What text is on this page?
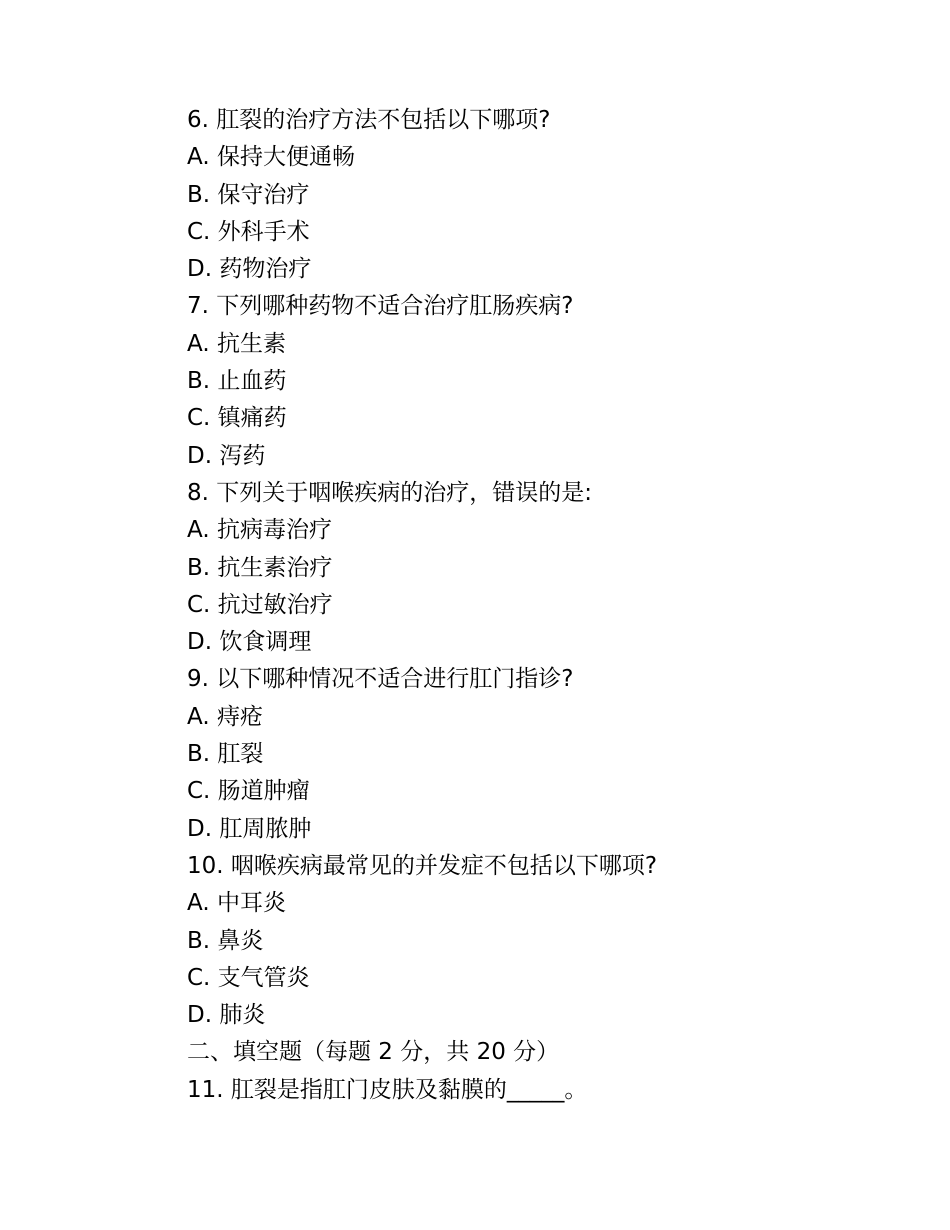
6. 肛裂的治疗方法不包括以下哪项?
A. 保持大便通畅
B. 保守治疗
C. 外科手术
D. 药物治疗
7. 下列哪种药物不适合治疗肛肠疾病?
A. 抗生素
B. 止血药
C. 镇痛药
D. 泻药
8. 下列关于咽喉疾病的治疗，错误的是:
A. 抗病毒治疗
B. 抗生素治疗
C. 抗过敏治疗
D. 饮食调理
9. 以下哪种情况不适合进行肛门指诊?
A. 痔疮
B. 肛裂
C. 肠道肿瘤
D. 肛周脓肿
10. 咽喉疾病最常见的并发症不包括以下哪项?
A. 中耳炎
B. 鼻炎
C. 支气管炎
D. 肺炎
二、填空题（每题 2 分，共 20 分）
11. 肛裂是指肛门皮肤及黏膜的_____。
